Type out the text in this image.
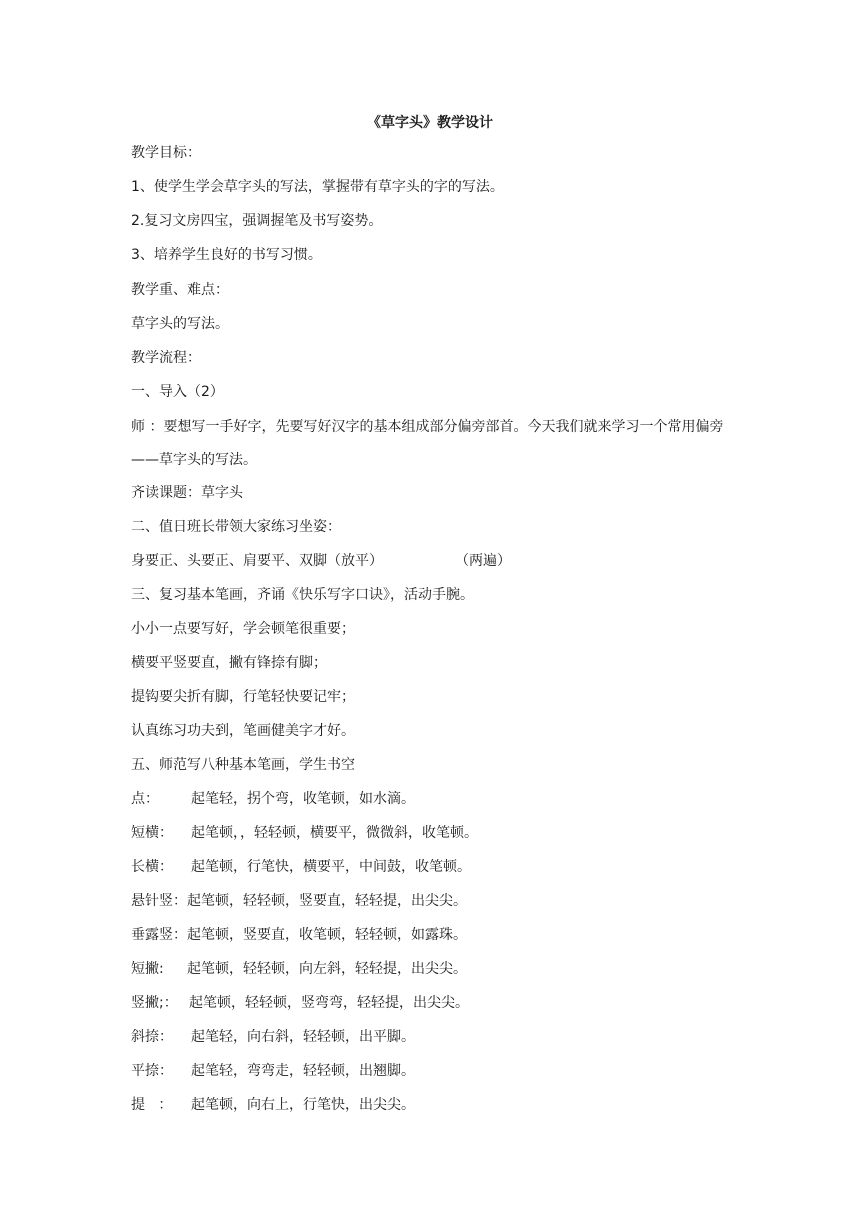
《草字头》教学设计
教学目标：
1、使学生学会草字头的写法，掌握带有草字头的字的写法。
2.复习文房四宝，强调握笔及书写姿势。
3、培养学生良好的书写习惯。
教学重、难点：
草字头的写法。
教学流程：
一、导入（2）
师 ：要想写一手好字，先要写好汉字的基本组成部分偏旁部首。今天我们就来学习一个常用偏旁——草字头的写法。
齐读课题：草字头
二、值日班长带领大家练习坐姿：
身要正、头要正、肩要平、双脚（放平）	（两遍）
三、复习基本笔画，齐诵《快乐写字口诀》，活动手腕。
小小一点要写好，学会顿笔很重要；
横要平竖要直，撇有锋捺有脚；
提钩要尖折有脚，行笔轻快要记牢；
认真练习功夫到，笔画健美字才好。
五、师范写八种基本笔画，学生书空
点： 起笔轻，拐个弯，收笔顿，如水滴。
短横： 起笔顿，，轻轻顿，横要平，微微斜，收笔顿。
长横： 起笔顿，行笔快，横要平，中间鼓，收笔顿。
悬针竖：起笔顿，轻轻顿，竖要直，轻轻提，出尖尖。
垂露竖：起笔顿，竖要直，收笔顿，轻轻顿，如露珠。
短撇: 起笔顿，轻轻顿，向左斜，轻轻提，出尖尖。
竖撇;： 起笔顿，轻轻顿，竖弯弯，轻轻提，出尖尖。
斜捺： 起笔轻，向右斜，轻轻顿，出平脚。
平捺： 起笔轻，弯弯走，轻轻顿，出翘脚。
提   ： 起笔顿，向右上，行笔快，出尖尖。
